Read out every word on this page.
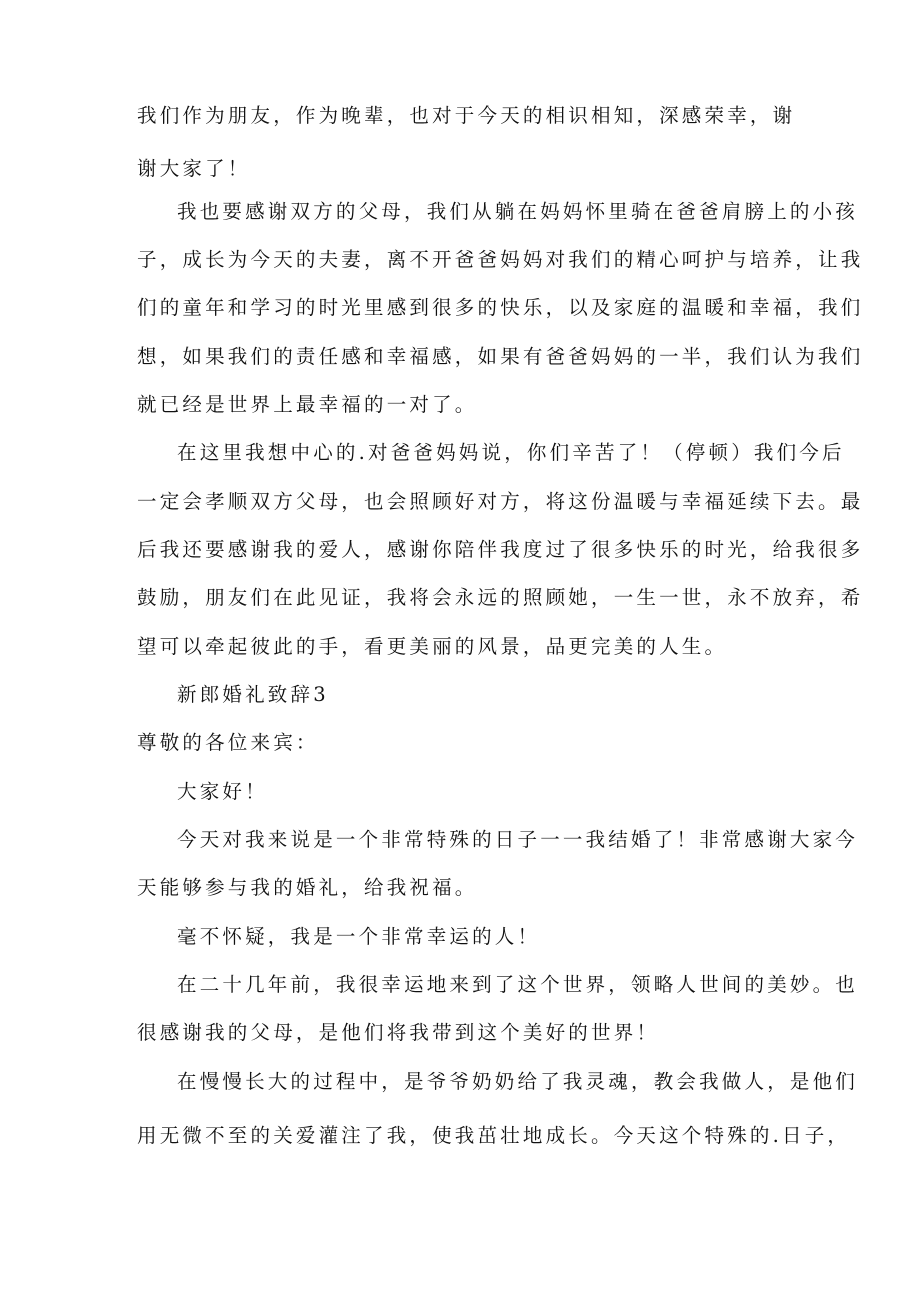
我们作为朋友，作为晚辈，也对于今天的相识相知，深感荣幸，谢

谢大家了！

我也要感谢双方的父母，我们从躺在妈妈怀里骑在爸爸肩膀上的小孩

子，成长为今天的夫妻，离不开爸爸妈妈对我们的精心呵护与培养，让我

们的童年和学习的时光里感到很多的快乐，以及家庭的温暖和幸福，我们

想，如果我们的责任感和幸福感，如果有爸爸妈妈的一半，我们认为我们

就已经是世界上最幸福的一对了。

在这里我想中心的.对爸爸妈妈说，你们辛苦了！（停顿）我们今后

一定会孝顺双方父母，也会照顾好对方，将这份温暖与幸福延续下去。最

后我还要感谢我的爱人，感谢你陪伴我度过了很多快乐的时光，给我很多

鼓励，朋友们在此见证，我将会永远的照顾她，一生一世，永不放弃，希

望可以牵起彼此的手，看更美丽的风景，品更完美的人生。

新郎婚礼致辞3

尊敬的各位来宾：

大家好！

今天对我来说是一个非常特殊的日子一一我结婚了！非常感谢大家今

天能够参与我的婚礼，给我祝福。

毫不怀疑，我是一个非常幸运的人！

在二十几年前，我很幸运地来到了这个世界，领略人世间的美妙。也

很感谢我的父母，是他们将我带到这个美好的世界！

在慢慢长大的过程中，是爷爷奶奶给了我灵魂，教会我做人，是他们

用无微不至的关爱灌注了我，使我茁壮地成长。今天这个特殊的.日子，
